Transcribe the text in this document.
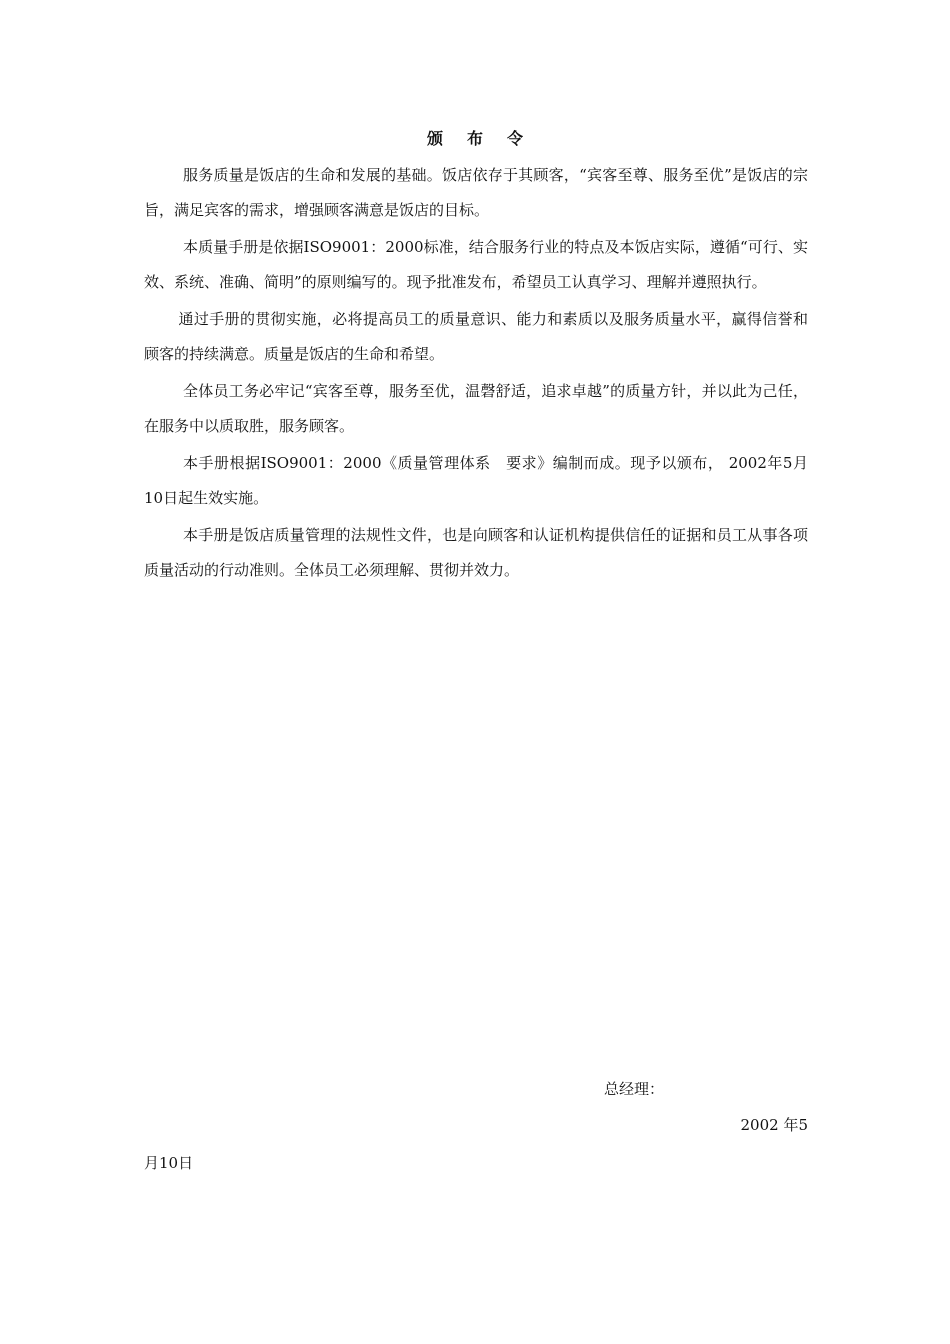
颁布令

服务质量是饭店的生命和发展的基础。饭店依存于其顾客，“宾客至尊、服务至优”是饭店的宗旨，满足宾客的需求，增强顾客满意是饭店的目标。

本质量手册是依据ISO9001：2000标准，结合服务行业的特点及本饭店实际，遵循“可行、实效、系统、准确、简明”的原则编写的。现予批准发布，希望员工认真学习、理解并遵照执行。

通过手册的贯彻实施，必将提高员工的质量意识、能力和素质以及服务质量水平，赢得信誉和顾客的持续满意。质量是饭店的生命和希望。

全体员工务必牢记“宾客至尊，服务至优，温磬舒适，追求卓越”的质量方针，并以此为己任，在服务中以质取胜，服务顾客。

本手册根据ISO9001：2000《质量管理体系　要求》编制而成。现予以颁布， 2002年5月10日起生效实施。

本手册是饭店质量管理的法规性文件，也是向顾客和认证机构提供信任的证据和员工从事各项质量活动的行动准则。全体员工必须理解、贯彻并效力。

总经理：
2002 年5
月10日
